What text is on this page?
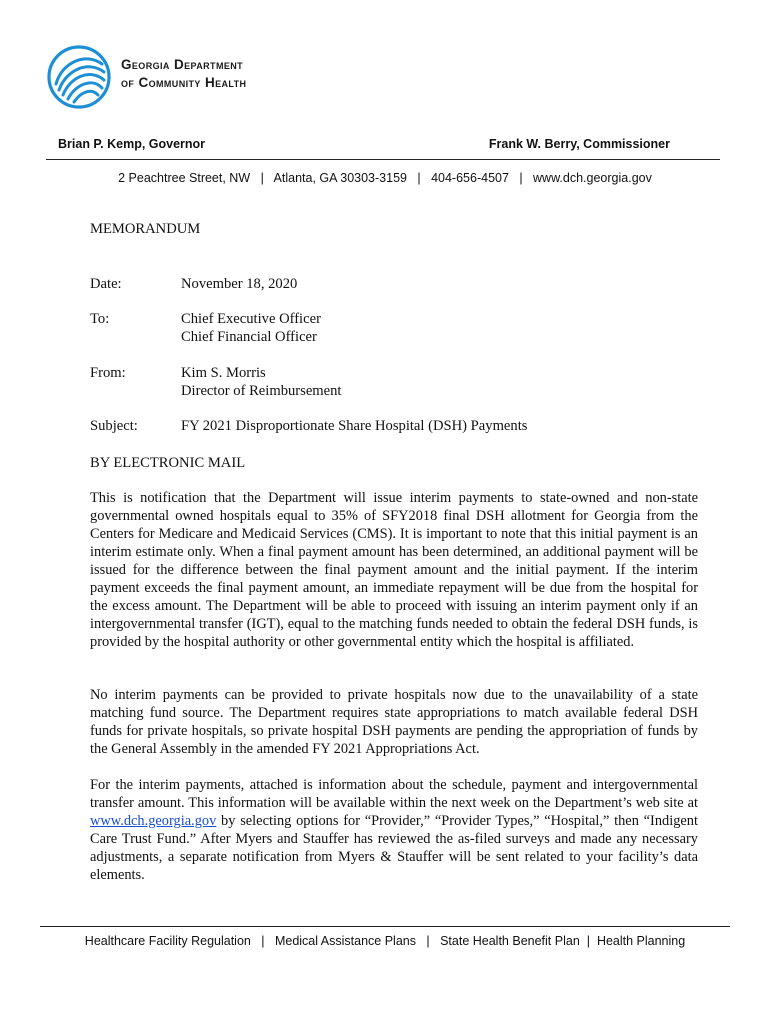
Georgia Department
of Community Health
Brian P. Kemp, Governor	Frank W. Berry, Commissioner
2 Peachtree Street, NW | Atlanta, GA 30303-3159 | 404-656-4507 | www.dch.georgia.gov
MEMORANDUM
Date:	November 18, 2020
To:	Chief Executive Officer
Chief Financial Officer
From:	Kim S. Morris
Director of Reimbursement
Subject:	FY 2021 Disproportionate Share Hospital (DSH) Payments
BY ELECTRONIC MAIL

This is notification that the Department will issue interim payments to state-owned and non-state governmental owned hospitals equal to 35% of SFY2018 final DSH allotment for Georgia from the Centers for Medicare and Medicaid Services (CMS). It is important to note that this initial payment is an interim estimate only. When a final payment amount has been determined, an additional payment will be issued for the difference between the final payment amount and the initial payment. If the interim payment exceeds the final payment amount, an immediate repayment will be due from the hospital for the excess amount. The Department will be able to proceed with issuing an interim payment only if an intergovernmental transfer (IGT), equal to the matching funds needed to obtain the federal DSH funds, is provided by the hospital authority or other governmental entity which the hospital is affiliated.

No interim payments can be provided to private hospitals now due to the unavailability of a state matching fund source. The Department requires state appropriations to match available federal DSH funds for private hospitals, so private hospital DSH payments are pending the appropriation of funds by the General Assembly in the amended FY 2021 Appropriations Act.

For the interim payments, attached is information about the schedule, payment and intergovernmental transfer amount. This information will be available within the next week on the Department’s web site at www.dch.georgia.gov by selecting options for “Provider,” “Provider Types,” “Hospital,” then “Indigent Care Trust Fund.” After Myers and Stauffer has reviewed the as-filed surveys and made any necessary adjustments, a separate notification from Myers & Stauffer will be sent related to your facility’s data elements.

Healthcare Facility Regulation | Medical Assistance Plans | State Health Benefit Plan | Health Planning
